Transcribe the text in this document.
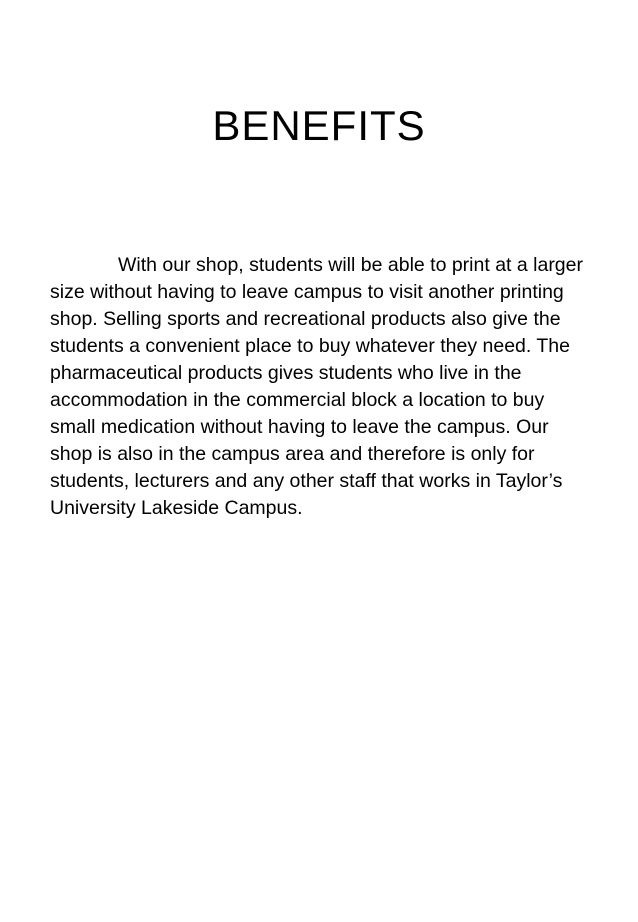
BENEFITS

With our shop, students will be able to print at a larger size without having to leave campus to visit another printing shop. Selling sports and recreational products also give the students a convenient place to buy whatever they need. The pharmaceutical products gives students who live in the accommodation in the commercial block a location to buy small medication without having to leave the campus. Our shop is also in the campus area and therefore is only for students, lecturers and any other staff that works in Taylor’s University Lakeside Campus.
